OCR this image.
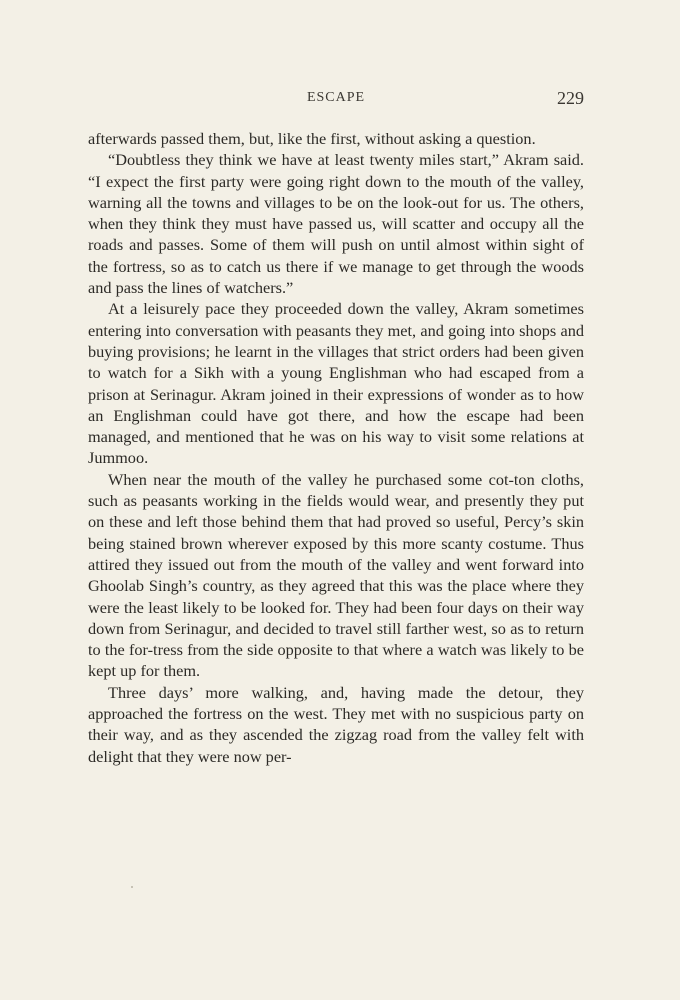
ESCAPE	229

afterwards passed them, but, like the first, without asking a question.

“Doubtless they think we have at least twenty miles start,” Akram said. “I expect the first party were going right down to the mouth of the valley, warning all the towns and villages to be on the look-out for us. The others, when they think they must have passed us, will scatter and occupy all the roads and passes. Some of them will push on until almost within sight of the fortress, so as to catch us there if we manage to get through the woods and pass the lines of watchers.”

At a leisurely pace they proceeded down the valley, Akram sometimes entering into conversation with peasants they met, and going into shops and buying provisions; he learnt in the villages that strict orders had been given to watch for a Sikh with a young Englishman who had escaped from a prison at Serinagur. Akram joined in their expressions of wonder as to how an Englishman could have got there, and how the escape had been managed, and mentioned that he was on his way to visit some relations at Jummoo.

When near the mouth of the valley he purchased some cot-ton cloths, such as peasants working in the fields would wear, and presently they put on these and left those behind them that had proved so useful, Percy’s skin being stained brown wherever exposed by this more scanty costume. Thus attired they issued out from the mouth of the valley and went forward into Ghoolab Singh’s country, as they agreed that this was the place where they were the least likely to be looked for. They had been four days on their way down from Serinagur, and decided to travel still farther west, so as to return to the for-tress from the side opposite to that where a watch was likely to be kept up for them.

Three days’ more walking, and, having made the detour, they approached the fortress on the west. They met with no suspicious party on their way, and as they ascended the zigzag road from the valley felt with delight that they were now per-
